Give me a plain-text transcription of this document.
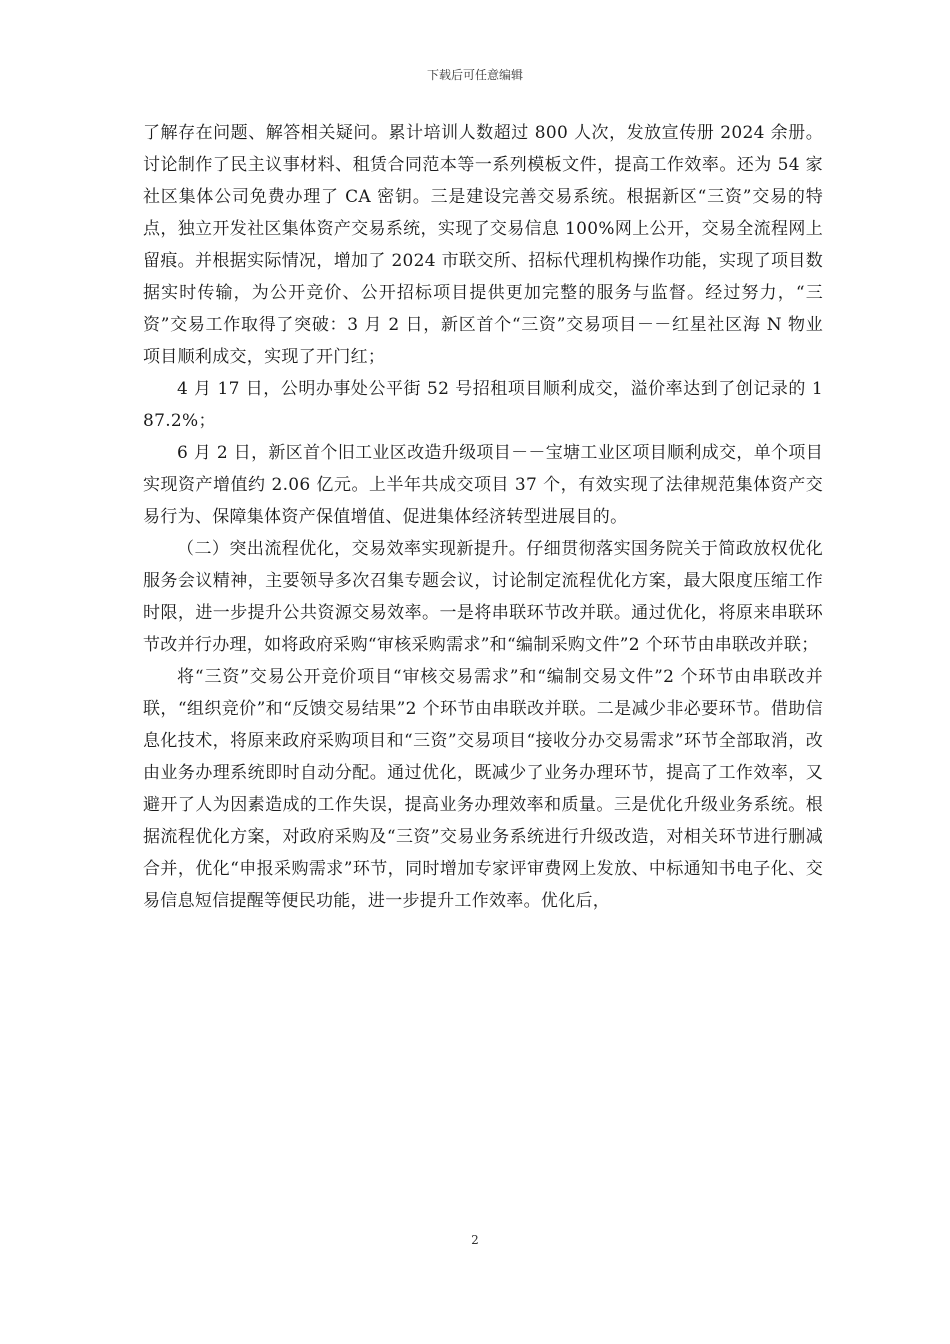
下载后可任意编辑

了解存在问题、解答相关疑问。累计培训人数超过 800 人次，发放宣传册 2024 余册。讨论制作了民主议事材料、租赁合同范本等一系列模板文件，提高工作效率。还为 54 家社区集体公司免费办理了 CA 密钥。三是建设完善交易系统。根据新区“三资”交易的特点，独立开发社区集体资产交易系统，实现了交易信息 100%网上公开，交易全流程网上留痕。并根据实际情况，增加了 2024 市联交所、招标代理机构操作功能，实现了项目数据实时传输，为公开竞价、公开招标项目提供更加完整的服务与监督。经过努力，“三资”交易工作取得了突破：3 月 2 日，新区首个“三资”交易项目－－红星社区海 N 物业项目顺利成交，实现了开门红；

4 月 17 日，公明办事处公平街 52 号招租项目顺利成交，溢价率达到了创记录的 187.2%；

6 月 2 日，新区首个旧工业区改造升级项目－－宝塘工业区项目顺利成交，单个项目实现资产增值约 2.06 亿元。上半年共成交项目 37 个，有效实现了法律规范集体资产交易行为、保障集体资产保值增值、促进集体经济转型进展目的。

（二）突出流程优化，交易效率实现新提升。仔细贯彻落实国务院关于简政放权优化服务会议精神，主要领导多次召集专题会议，讨论制定流程优化方案，最大限度压缩工作时限，进一步提升公共资源交易效率。一是将串联环节改并联。通过优化，将原来串联环节改并行办理，如将政府采购“审核采购需求”和“编制采购文件”2 个环节由串联改并联；

将“三资”交易公开竞价项目“审核交易需求”和“编制交易文件”2 个环节由串联改并联，“组织竞价”和“反馈交易结果”2 个环节由串联改并联。二是减少非必要环节。借助信息化技术，将原来政府采购项目和“三资”交易项目“接收分办交易需求”环节全部取消，改由业务办理系统即时自动分配。通过优化，既减少了业务办理环节，提高了工作效率，又避开了人为因素造成的工作失误，提高业务办理效率和质量。三是优化升级业务系统。根据流程优化方案，对政府采购及“三资”交易业务系统进行升级改造，对相关环节进行删减合并，优化“申报采购需求”环节，同时增加专家评审费网上发放、中标通知书电子化、交易信息短信提醒等便民功能，进一步提升工作效率。优化后，

2
